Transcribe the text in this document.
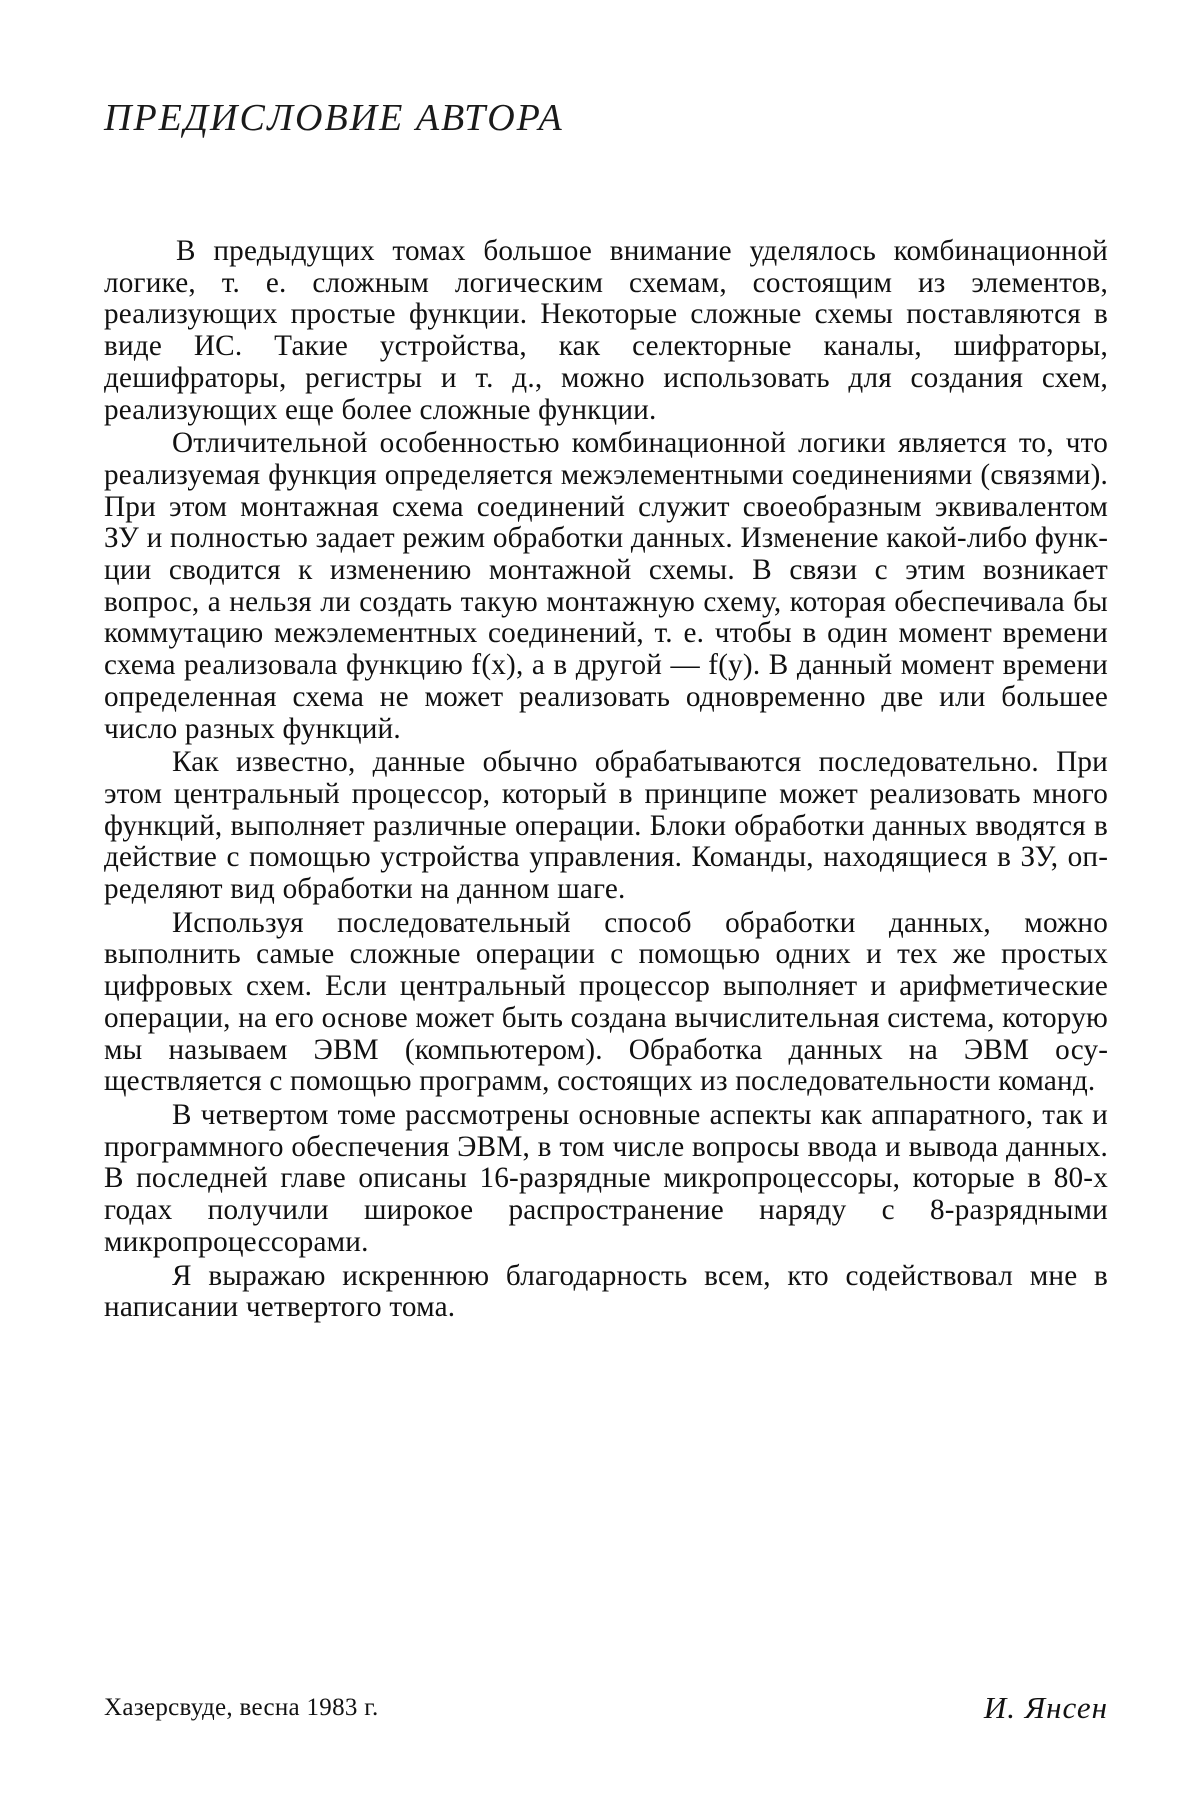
ПРЕДИСЛОВИЕ АВТОРА

В предыдущих томах большое внимание уделялось комбинационной логике, т. е. сложным логическим схемам, состоящим из элементов, реализующих простые функции. Некоторые сложные схемы поставляются в виде ИС. Такие устройства, как селекторные каналы, шифраторы, дешифраторы, регистры и т. д., можно использовать для создания схем, реализующих еще более сложные функции.

Отличительной особенностью комбинационной логики является то, что реализуемая функция определяется межэлементными соединениями (связями). При этом монтажная схема соединений служит своеобразным эквивалентом ЗУ и полностью задает режим обработки данных. Изменение какой-либо функции сводится к изменению монтажной схемы. В связи с этим возникает вопрос, а нельзя ли создать такую монтажную схему, которая обеспечивала бы коммутацию межэлементных соединений, т. е. чтобы в один момент времени схема реализовала функцию f(x), а в другой — f(y). В данный момент времени определенная схема не может реализовать одновременно две или большее число разных функций.

Как известно, данные обычно обрабатываются последовательно. При этом центральный процессор, который в принципе может реализовать много функций, выполняет различные операции. Блоки обработки данных вводятся в действие с помощью устройства управления. Команды, находящиеся в ЗУ, определяют вид обработки на данном шаге.

Используя последовательный способ обработки данных, можно выполнить самые сложные операции с помощью одних и тех же простых цифровых схем. Если центральный процессор выполняет и арифметические операции, на его основе может быть создана вычислительная система, которую мы называем ЭВМ (компьютером). Обработка данных на ЭВМ осуществляется с помощью программ, состоящих из последовательности команд.

В четвертом томе рассмотрены основные аспекты как аппаратного, так и программного обеспечения ЭВМ, в том числе вопросы ввода и вывода данных. В последней главе описаны 16-разрядные микропроцессоры, которые в 80-х годах получили широкое распространение наряду с 8-разрядными микропроцессорами.

Я выражаю искреннюю благодарность всем, кто содействовал мне в написании четвертого тома.

Хазерсвуде, весна 1983 г.	И. Янсен
